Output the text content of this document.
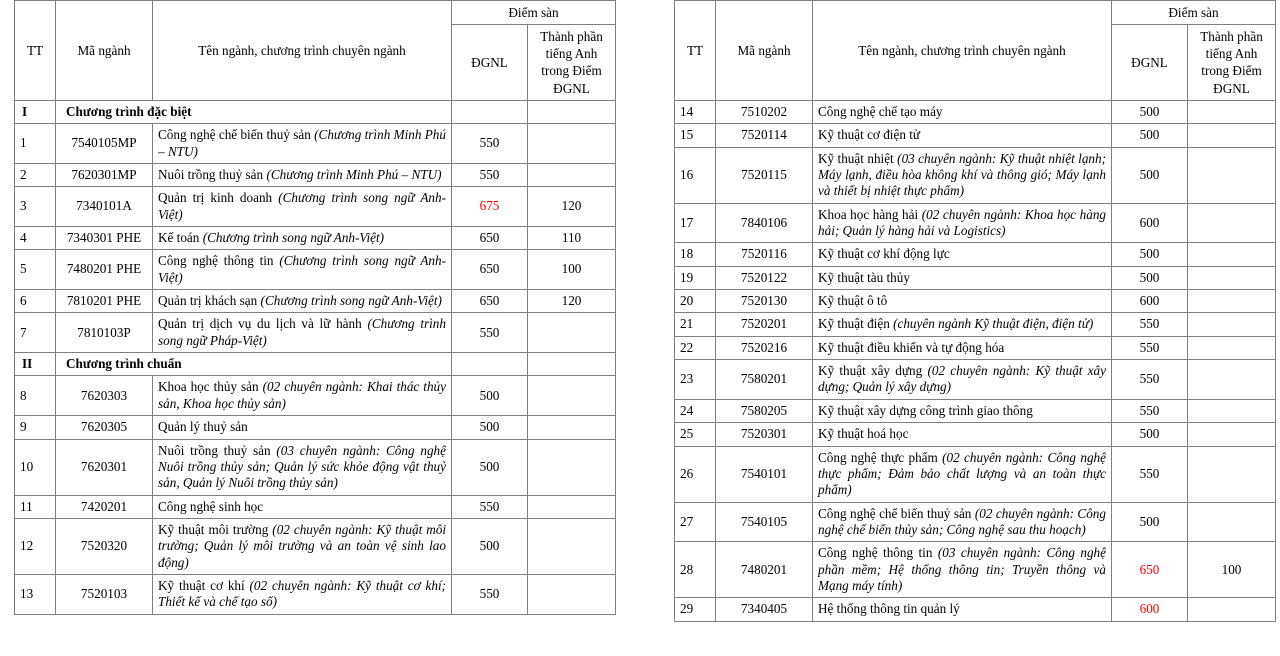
TT	Mã ngành	Tên ngành, chương trình chuyên ngành	Điểm sàn	
			ĐGNL	Thành phần tiếng Anh trong Điểm ĐGNL
I	Chương trình đặc biệt			
1	7540105MP	Công nghệ chế biến thuỷ sản (Chương trình Minh Phú – NTU)	550	
2	7620301MP	Nuôi trồng thuỷ sản (Chương trình Minh Phú – NTU)	550	
3	7340101A	Quản trị kinh doanh (Chương trình song ngữ Anh-Việt)	675	120
4	7340301 PHE	Kế toán (Chương trình song ngữ Anh-Việt)	650	110
5	7480201 PHE	Công nghệ thông tin (Chương trình song ngữ Anh-Việt)	650	100
6	7810201 PHE	Quản trị khách sạn (Chương trình song ngữ Anh-Việt)	650	120
7	7810103P	Quản trị dịch vụ du lịch và lữ hành (Chương trình song ngữ Pháp-Việt)	550	
II	Chương trình chuẩn			
8	7620303	Khoa học thủy sản (02 chuyên ngành: Khai thác thủy sản, Khoa học thủy sản)	500	
9	7620305	Quản lý thuỷ sản	500	
10	7620301	Nuôi trồng thuỷ sản (03 chuyên ngành: Công nghệ Nuôi trồng thủy sản; Quản lý sức khỏe động vật thuỷ sản, Quản lý Nuôi trồng thủy sản)	500	
11	7420201	Công nghệ sinh học	550	
12	7520320	Kỹ thuật môi trường (02 chuyên ngành: Kỹ thuật môi trường; Quản lý môi trường và an toàn vệ sinh lao động)	500	
13	7520103	Kỹ thuật cơ khí (02 chuyên ngành: Kỹ thuật cơ khí; Thiết kế và chế tạo số)	550	
TT	Mã ngành	Tên ngành, chương trình chuyên ngành	Điểm sàn	
			ĐGNL	Thành phần tiếng Anh trong Điểm ĐGNL
14	7510202	Công nghệ chế tạo máy	500	
15	7520114	Kỹ thuật cơ điện tử	500	
16	7520115	Kỹ thuật nhiệt (03 chuyên ngành: Kỹ thuật nhiệt lạnh; Máy lạnh, điều hòa không khí và thông gió; Máy lạnh và thiết bị nhiệt thực phẩm)	500	
17	7840106	Khoa học hàng hải (02 chuyên ngành: Khoa học hàng hải; Quản lý hàng hải và Logistics)	600	
18	7520116	Kỹ thuật cơ khí động lực	500	
19	7520122	Kỹ thuật tàu thủy	500	
20	7520130	Kỹ thuật ô tô	600	
21	7520201	Kỹ thuật điện (chuyên ngành Kỹ thuật điện, điện tử)	550	
22	7520216	Kỹ thuật điều khiển và tự động hóa	550	
23	7580201	Kỹ thuật xây dựng (02 chuyên ngành: Kỹ thuật xây dựng; Quản lý xây dựng)	550	
24	7580205	Kỹ thuật xây dựng công trình giao thông	550	
25	7520301	Kỹ thuật hoá học	500	
26	7540101	Công nghệ thực phẩm (02 chuyên ngành: Công nghệ thực phẩm; Đảm bảo chất lượng và an toàn thực phẩm)	550	
27	7540105	Công nghệ chế biến thuỷ sản (02 chuyên ngành: Công nghệ chế biến thủy sản; Công nghệ sau thu hoạch)	500	
28	7480201	Công nghệ thông tin (03 chuyên ngành: Công nghệ phần mềm; Hệ thống thông tin; Truyền thông và Mạng máy tính)	650	100
29	7340405	Hệ thống thông tin quản lý	600	
